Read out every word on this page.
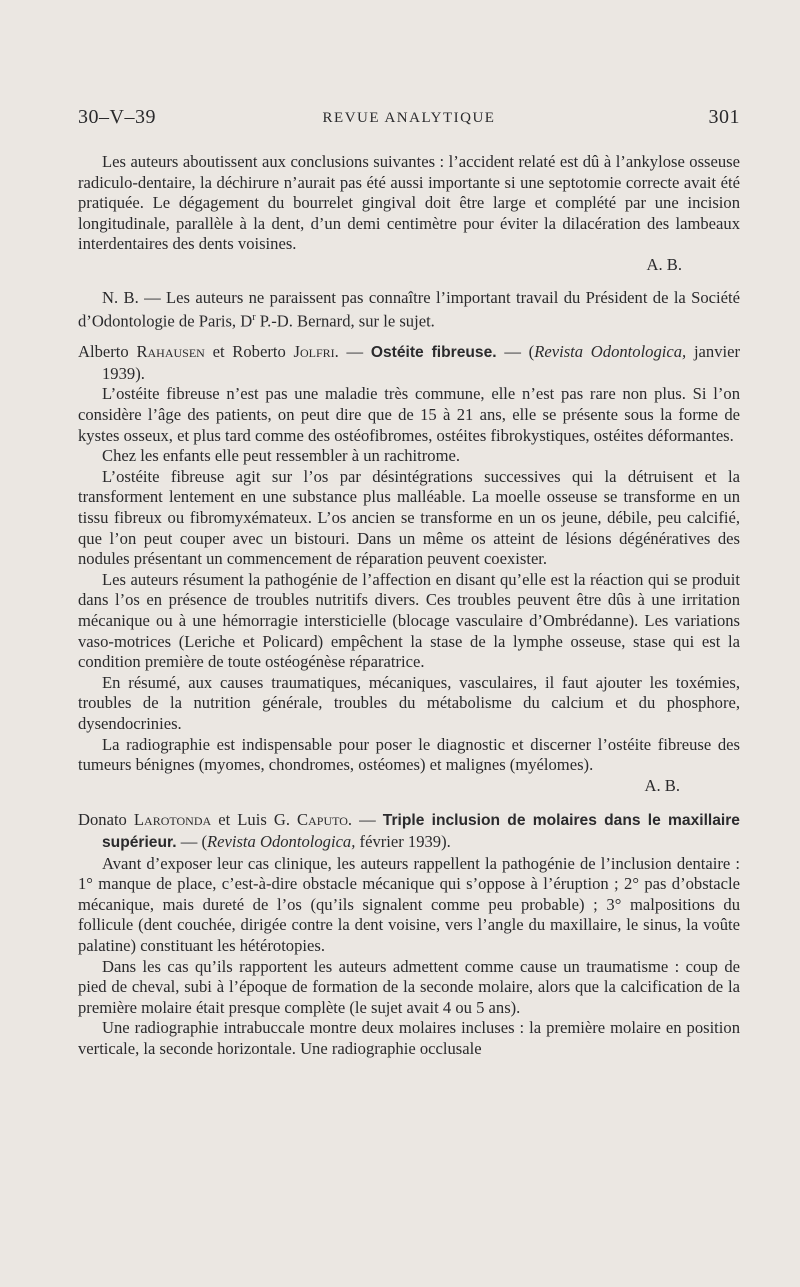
30–V–39	REVUE ANALYTIQUE	301

Les auteurs aboutissent aux conclusions suivantes : l’accident relaté est dû à l’ankylose osseuse radiculo-dentaire, la déchirure n’aurait pas été aussi importante si une septotomie correcte avait été pratiquée. Le dégagement du bourrelet gingival doit être large et complété par une incision longitudinale, parallèle à la dent, d’un demi centimètre pour éviter la dilacération des lambeaux interdentaires des dents voisines.

A. B.

N. B. — Les auteurs ne paraissent pas connaître l’important travail du Président de la Société d’Odontologie de Paris, $D^r$ P.-D. Bernard, sur le sujet.

Alberto Rahausen et Roberto Jolfri. — Ostéite fibreuse. — (Revista Odontologica, janvier 1939).

L’ostéite fibreuse n’est pas une maladie très commune, elle n’est pas rare non plus. Si l’on considère l’âge des patients, on peut dire que de 15 à 21 ans, elle se présente sous la forme de kystes osseux, et plus tard comme des ostéofibromes, ostéites fibrokystiques, ostéites déformantes.

Chez les enfants elle peut ressembler à un rachitrome.

L’ostéite fibreuse agit sur l’os par désintégrations successives qui la détruisent et la transforment lentement en une substance plus malléable. La moelle osseuse se transforme en un tissu fibreux ou fibromyxémateux. L’os ancien se transforme en un os jeune, débile, peu calcifié, que l’on peut couper avec un bistouri. Dans un même os atteint de lésions dégénératives des nodules présentant un commencement de réparation peuvent coexister.

Les auteurs résument la pathogénie de l’affection en disant qu’elle est la réaction qui se produit dans l’os en présence de troubles nutritifs divers. Ces troubles peuvent être dûs à une irritation mécanique ou à une hémorragie intersticielle (blocage vasculaire d’Ombrédanne). Les variations vaso-motrices (Leriche et Policard) empêchent la stase de la lymphe osseuse, stase qui est la condition première de toute ostéogénèse réparatrice.

En résumé, aux causes traumatiques, mécaniques, vasculaires, il faut ajouter les toxémies, troubles de la nutrition générale, troubles du métabolisme du calcium et du phosphore, dysendocrinies.

La radiographie est indispensable pour poser le diagnostic et discerner l’ostéite fibreuse des tumeurs bénignes (myomes, chondromes, ostéomes) et malignes (myélomes).

A. B.

Donato Larotonda et Luis G. Caputo. — Triple inclusion de molaires dans le maxillaire supérieur. — (Revista Odontologica, février 1939).

Avant d’exposer leur cas clinique, les auteurs rappellent la pathogénie de l’inclusion dentaire : 1° manque de place, c’est-à-dire obstacle mécanique qui s’oppose à l’éruption ; 2° pas d’obstacle mécanique, mais dureté de l’os (qu’ils signalent comme peu probable) ; 3° malpositions du follicule (dent couchée, dirigée contre la dent voisine, vers l’angle du maxillaire, le sinus, la voûte palatine) constituant les hétérotopies.

Dans les cas qu’ils rapportent les auteurs admettent comme cause un traumatisme : coup de pied de cheval, subi à l’époque de formation de la seconde molaire, alors que la calcification de la première molaire était presque complète (le sujet avait 4 ou 5 ans).

Une radiographie intrabuccale montre deux molaires incluses : la première molaire en position verticale, la seconde horizontale. Une radiographie occlusale
